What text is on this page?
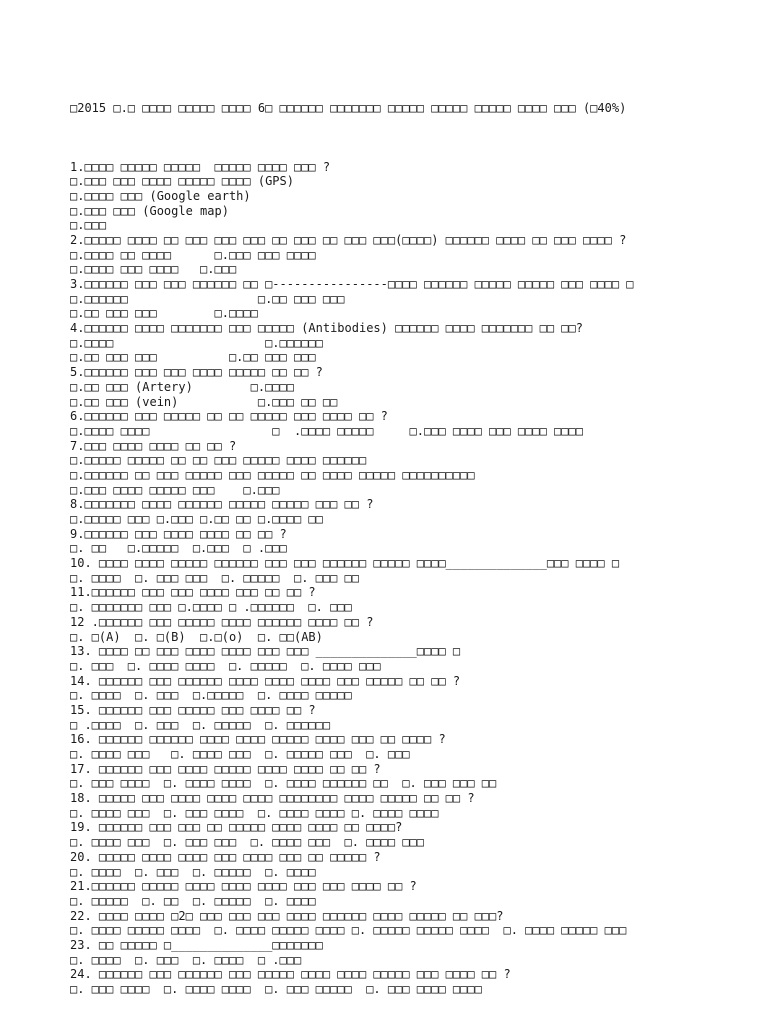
□2015 □.□ □□□□ □□□□□ □□□□ 6□ □□□□□□ □□□□□□□ □□□□□ □□□□□ □□□□□ □□□□ □□□ (□40%)

1.□□□□ □□□□□ □□□□□  □□□□□ □□□□ □□□ ?
□.□□□ □□□ □□□□ □□□□□ □□□□ (GPS)
□.□□□□ □□□ (Google earth)
□.□□□ □□□ (Google map)
□.□□□
2.□□□□□ □□□□ □□ □□□ □□□ □□□ □□ □□□ □□ □□□ □□□(□□□□) □□□□□□ □□□□ □□ □□□ □□□□ ?
□.□□□□ □□ □□□□      □.□□□ □□□ □□□□
□.□□□□ □□□ □□□□   □.□□□
3.□□□□□□ □□□ □□□ □□□□□□ □□ □----------------□□□□ □□□□□□ □□□□□ □□□□□ □□□ □□□□ □
□.□□□□□□                  □.□□ □□□ □□□
□.□□ □□□ □□□        □.□□□□
4.□□□□□□ □□□□ □□□□□□□ □□□ □□□□□ (Antibodies) □□□□□□ □□□□ □□□□□□□ □□ □□?
□.□□□□                     □.□□□□□□
□.□□ □□□ □□□          □.□□ □□□ □□□
5.□□□□□□ □□□ □□□ □□□□ □□□□□ □□ □□ ?
□.□□ □□□ (Artery)        □.□□□□
□.□□ □□□ (vein)           □.□□□ □□ □□
6.□□□□□□ □□□ □□□□□ □□ □□ □□□□□ □□□ □□□□ □□ ?
□.□□□□ □□□□                 □  .□□□□ □□□□□     □.□□□ □□□□ □□□ □□□□ □□□□
7.□□□ □□□□ □□□□ □□ □□ ?
□.□□□□□ □□□□□ □□ □□ □□□ □□□□□ □□□□ □□□□□□
□.□□□□□□ □□ □□□ □□□□□ □□□ □□□□□ □□ □□□□ □□□□□ □□□□□□□□□□
□.□□□ □□□□ □□□□□ □□□    □.□□□
8.□□□□□□□ □□□□ □□□□□□ □□□□□ □□□□□ □□□ □□ ?
□.□□□□□ □□□ □.□□□ □.□□ □□ □.□□□□ □□
9.□□□□□□ □□□ □□□□ □□□□ □□ □□ ?
□. □□   □.□□□□□  □.□□□  □ .□□□
10. □□□□ □□□□ □□□□□ □□□□□□ □□□ □□□ □□□□□□ □□□□□ □□□□______________□□□ □□□□ □
□. □□□□  □. □□□ □□□  □. □□□□□  □. □□□ □□
11.□□□□□□ □□□ □□□ □□□□ □□□ □□ □□ ?
□. □□□□□□□ □□□ □.□□□□ □ .□□□□□□  □. □□□
12 .□□□□□□ □□□ □□□□□ □□□□ □□□□□□ □□□□ □□ ?
□. □(A)  □. □(B)  □.□(o)  □. □□(AB)
13. □□□□ □□ □□□ □□□□ □□□□ □□□ □□□ ______________□□□□ □
□. □□□  □. □□□□ □□□□  □. □□□□□  □. □□□□ □□□
14. □□□□□□ □□□ □□□□□□ □□□□ □□□□ □□□□ □□□ □□□□□ □□ □□ ?
□. □□□□  □. □□□  □.□□□□□  □. □□□□ □□□□□
15. □□□□□□ □□□ □□□□□ □□□ □□□□ □□ ?
□ .□□□□  □. □□□  □. □□□□□  □. □□□□□□
16. □□□□□□ □□□□□□ □□□□ □□□□ □□□□□ □□□□ □□□ □□ □□□□ ?
□. □□□□ □□□   □. □□□□ □□□  □. □□□□□ □□□  □. □□□
17. □□□□□□ □□□ □□□□ □□□□□ □□□□ □□□□ □□ □□ ?
□. □□□ □□□□  □. □□□□ □□□□  □. □□□□ □□□□□□ □□  □. □□□ □□□ □□
18. □□□□□ □□□ □□□□ □□□□ □□□□ □□□□□□□□ □□□□ □□□□□ □□ □□ ?
□. □□□□ □□□  □. □□□ □□□□  □. □□□□ □□□□ □. □□□□ □□□□
19. □□□□□□ □□□ □□□ □□ □□□□□ □□□□ □□□□ □□ □□□□?
□. □□□□ □□□  □. □□□ □□□  □. □□□□ □□□  □. □□□□ □□□
20. □□□□□ □□□□ □□□□ □□□ □□□□ □□□ □□ □□□□□ ?
□. □□□□  □. □□□  □. □□□□□  □. □□□□
21.□□□□□□ □□□□□ □□□□ □□□□ □□□□ □□□ □□□ □□□□ □□ ?
□. □□□□□  □. □□  □. □□□□□  □. □□□□
22. □□□□ □□□□ □2□ □□□ □□□ □□□ □□□□ □□□□□□ □□□□ □□□□□ □□ □□□?
□. □□□□ □□□□□ □□□□  □. □□□□ □□□□□ □□□□ □. □□□□□ □□□□□ □□□□  □. □□□□ □□□□□ □□□
23. □□ □□□□□ □______________□□□□□□□
□. □□□□  □. □□□  □. □□□□  □ .□□□
24. □□□□□□ □□□ □□□□□□ □□□ □□□□□ □□□□ □□□□ □□□□□ □□□ □□□□ □□ ?
□. □□□ □□□□  □. □□□□ □□□□  □. □□□ □□□□□  □. □□□ □□□□ □□□□
